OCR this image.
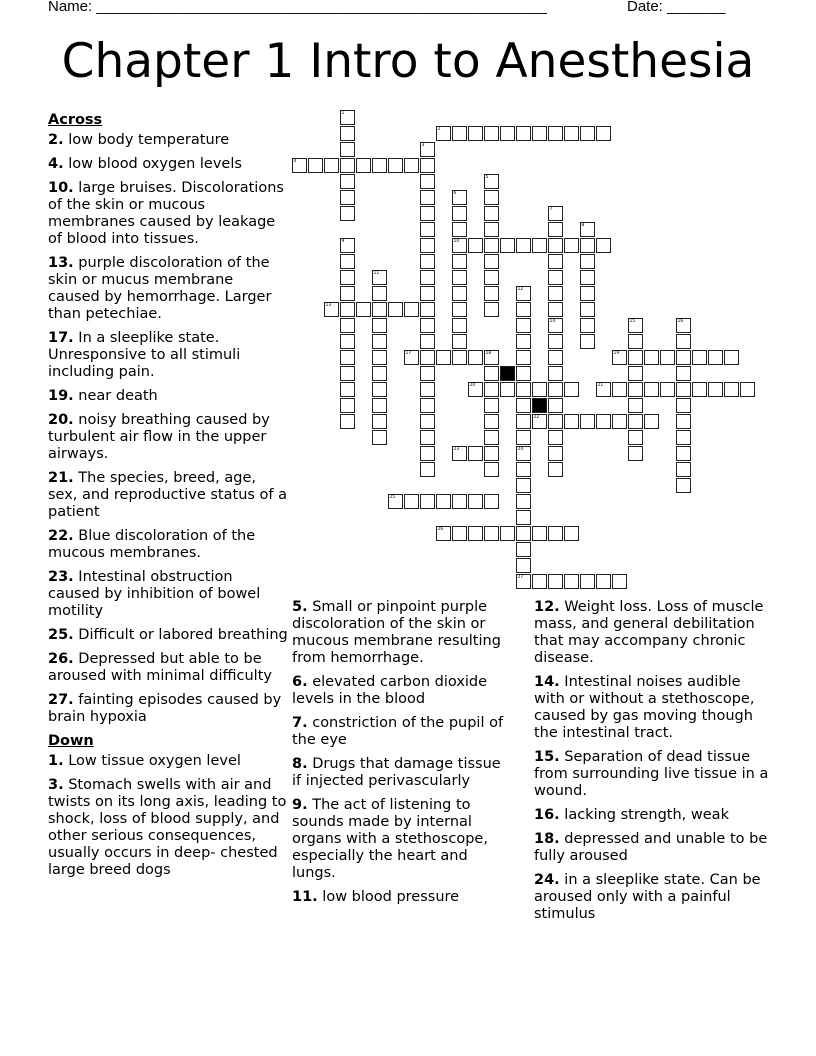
Name: ______________________________________________________	Date: _______
Chapter 1 Intro to Anesthesia
1
2
3
4
5
6
7
8
9	10
11
12
13
14	15	16
17	18	19
20	21
22
23	24
25
26
27
Across
2. low body temperature
4. low blood oxygen levels
10. large bruises. Discolorations of the skin or mucous membranes caused by leakage of blood into tissues.
13. purple discoloration of the skin or mucus membrane caused by hemorrhage. Larger than petechiae.
17. In a sleeplike state. Unresponsive to all stimuli including pain.
19. near death
20. noisy breathing caused by turbulent air flow in the upper airways.
21. The species, breed, age, sex, and reproductive status of a patient
22. Blue discoloration of the mucous membranes.
23. Intestinal obstruction caused by inhibition of bowel motility
25. Difficult or labored breathing
26. Depressed but able to be aroused with minimal difficulty
27. fainting episodes caused by brain hypoxia
Down
1. Low tissue oxygen level
3. Stomach swells with air and twists on its long axis, leading to shock, loss of blood supply, and other serious consequences, usually occurs in deep- chested large breed dogs
5. Small or pinpoint purple discoloration of the skin or mucous membrane resulting from hemorrhage.
6. elevated carbon dioxide levels in the blood
7. constriction of the pupil of the eye
8. Drugs that damage tissue if injected perivascularly
9. The act of listening to sounds made by internal organs with a stethoscope, especially the heart and lungs.
11. low blood pressure
12. Weight loss. Loss of muscle mass, and general debilitation that may accompany chronic disease.
14. Intestinal noises audible with or without a stethoscope, caused by gas moving though the intestinal tract.
15. Separation of dead tissue from surrounding live tissue in a wound.
16. lacking strength, weak
18. depressed and unable to be fully aroused
24. in a sleeplike state. Can be aroused only with a painful stimulus
